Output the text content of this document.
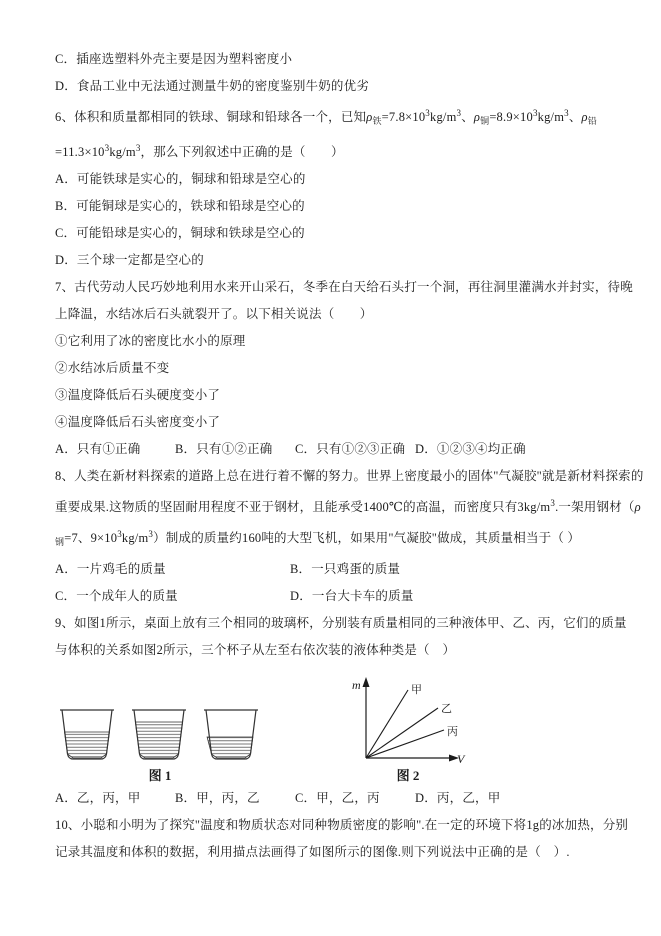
C．插座选塑料外壳主要是因为塑料密度小
D．食品工业中无法通过测量牛奶的密度鉴别牛奶的优劣
6、体积和质量都相同的铁球、铜球和铅球各一个，已知$\rho_铁=7.8\times 10^3kg/m^3$、$\rho_铜=8.9\times 10^3kg/m^3$、$\rho_铅$
$=11.3\times 10^3kg/m^3$，那么下列叙述中正确的是（　　）
A．可能铁球是实心的，铜球和铅球是空心的
B．可能铜球是实心的，铁球和铅球是空心的
C．可能铅球是实心的，铜球和铁球是空心的
D．三个球一定都是空心的
7、古代劳动人民巧妙地利用水来开山采石，冬季在白天给石头打一个洞，再往洞里灌满水并封实，待晚
上降温，水结冰后石头就裂开了。以下相关说法（　　）
①它利用了冰的密度比水小的原理
②水结冰后质量不变
③温度降低后石头硬度变小了
④温度降低后石头密度变小了
A．只有①正确	B．只有①②正确 C．只有①②③正确 D．①②③④均正确
8、人类在新材料探索的道路上总在进行着不懈的努力。世界上密度最小的固体"气凝胶"就是新材料探索的
重要成果.这物质的坚固耐用程度不亚于钢材，且能承受1400℃的高温，而密度只有$3kg/m^3$.一架用钢材（ρ
$_钢$=7、$9\times 10^3kg/m^3$）制成的质量约160吨的大型飞机，如果用"气凝胶"做成，其质量相当于（ ）
A．一片鸡毛的质量	B．一只鸡蛋的质量
C．一个成年人的质量	D．一台大卡车的质量
9、如图1所示，桌面上放有三个相同的玻璃杯，分别装有质量相同的三种液体甲、乙、丙，它们的质量
与体积的关系如图2所示，三个杯子从左至右依次装的液体种类是（　）
图 1
m
V
甲
乙
丙
图 2
A．乙，丙，甲	B．甲，丙，乙	C．甲，乙，丙	D．丙，乙，甲
10、小聪和小明为了探究"温度和物质状态对同种物质密度的影响".在一定的环境下将1g的冰加热，分别
记录其温度和体积的数据，利用描点法画得了如图所示的图像.则下列说法中正确的是（　）.
